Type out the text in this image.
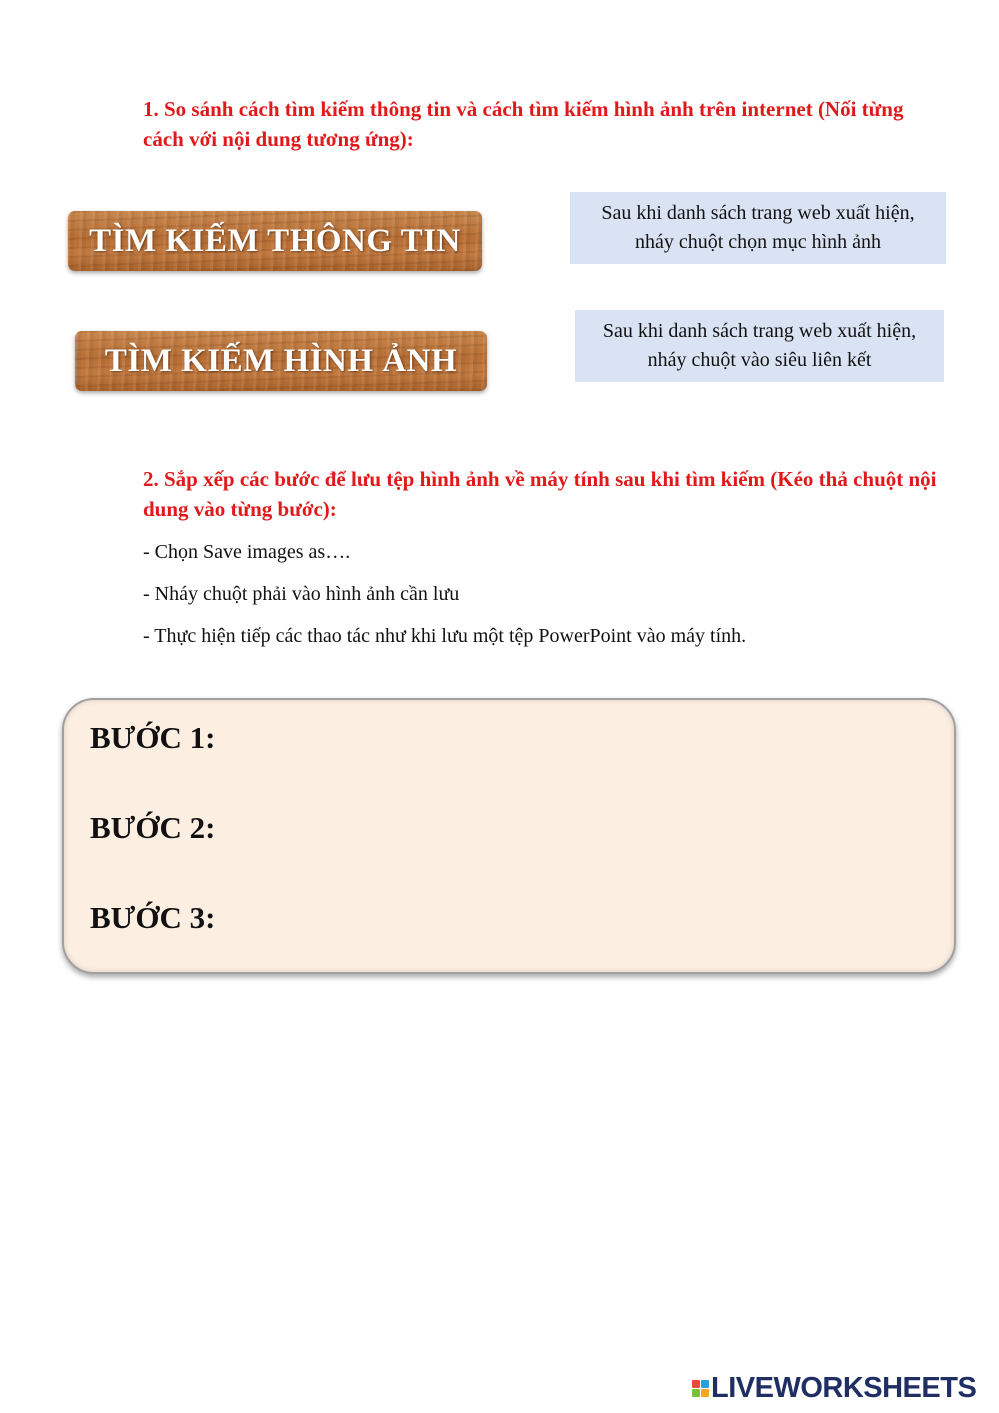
1. So sánh cách tìm kiếm thông tin và cách tìm kiếm hình ảnh trên internet (Nối từng cách với nội dung tương ứng):
TÌM KIẾM THÔNG TIN
TÌM KIẾM HÌNH ẢNH
Sau khi danh sách trang web xuất hiện, nháy chuột chọn mục hình ảnh
Sau khi danh sách trang web xuất hiện, nháy chuột vào siêu liên kết
2. Sắp xếp các bước để lưu tệp hình ảnh về máy tính sau khi tìm kiếm (Kéo thả chuột nội dung vào từng bước):
- Chọn Save images as….
- Nháy chuột phải vào hình ảnh cần lưu
- Thực hiện tiếp các thao tác như khi lưu một tệp PowerPoint vào máy tính.
BƯỚC 1:
BƯỚC 2:
BƯỚC 3:
LIVEWORKSHEETS
